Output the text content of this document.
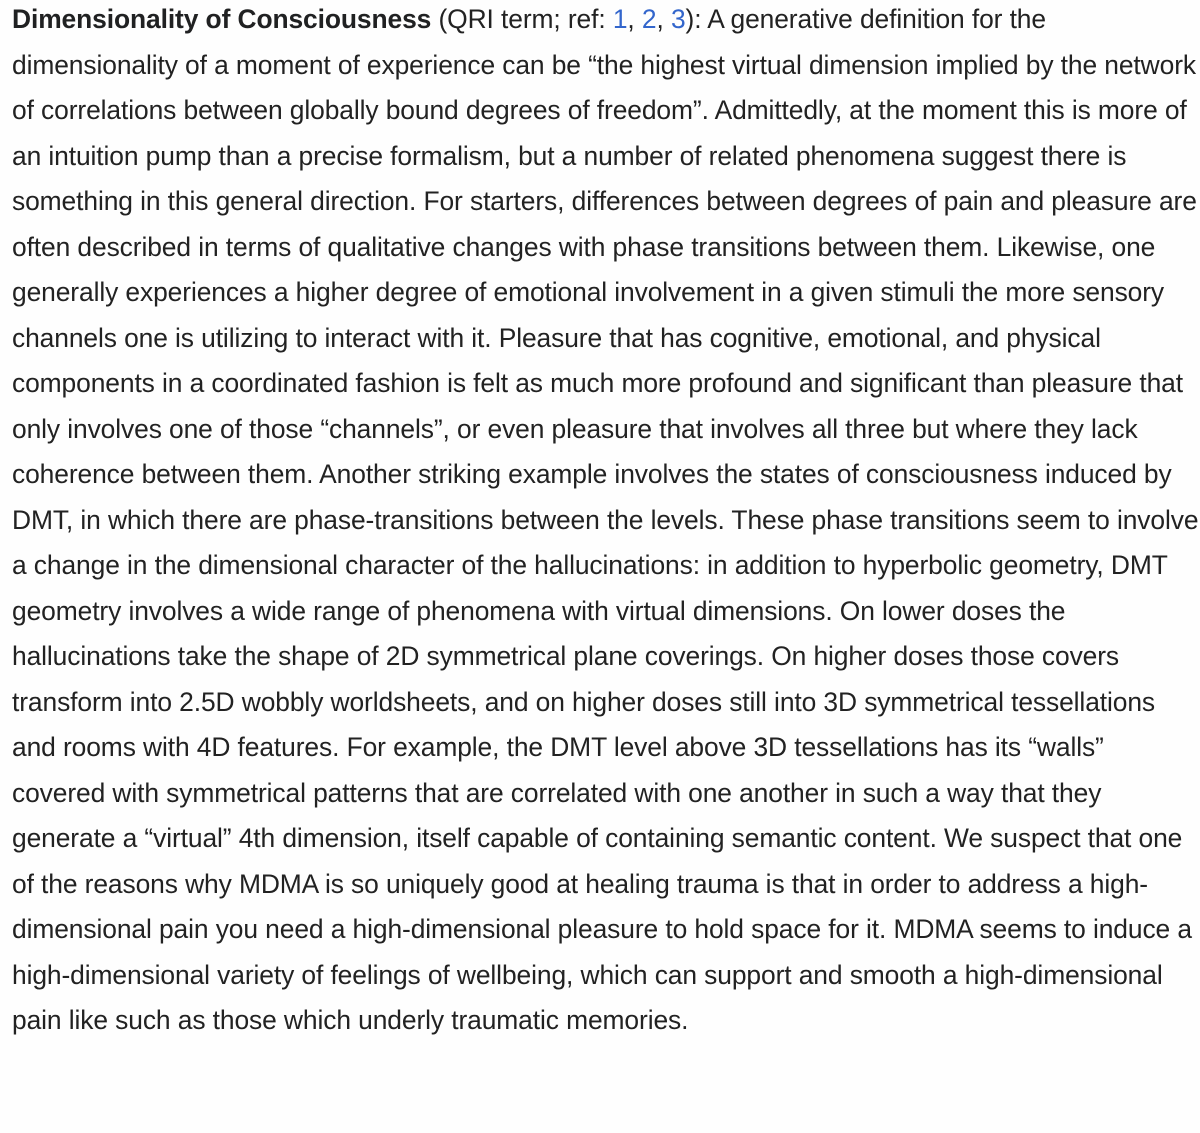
Dimensionality of Consciousness (QRI term; ref: 1, 2, 3): A generative definition for the dimensionality of a moment of experience can be “the highest virtual dimension implied by the network of correlations between globally bound degrees of freedom”. Admittedly, at the moment this is more of an intuition pump than a precise formalism, but a number of related phenomena suggest there is something in this general direction. For starters, differences between degrees of pain and pleasure are often described in terms of qualitative changes with phase transitions between them. Likewise, one generally experiences a higher degree of emotional involvement in a given stimuli the more sensory channels one is utilizing to interact with it. Pleasure that has cognitive, emotional, and physical components in a coordinated fashion is felt as much more profound and significant than pleasure that only involves one of those “channels”, or even pleasure that involves all three but where they lack coherence between them. Another striking example involves the states of consciousness induced by DMT, in which there are phase-transitions between the levels. These phase transitions seem to involve a change in the dimensional character of the hallucinations: in addition to hyperbolic geometry, DMT geometry involves a wide range of phenomena with virtual dimensions. On lower doses the hallucinations take the shape of 2D symmetrical plane coverings. On higher doses those covers transform into 2.5D wobbly worldsheets, and on higher doses still into 3D symmetrical tessellations and rooms with 4D features. For example, the DMT level above 3D tessellations has its “walls” covered with symmetrical patterns that are correlated with one another in such a way that they generate a “virtual” 4th dimension, itself capable of containing semantic content. We suspect that one of the reasons why MDMA is so uniquely good at healing trauma is that in order to address a high-dimensional pain you need a high-dimensional pleasure to hold space for it. MDMA seems to induce a high-dimensional variety of feelings of wellbeing, which can support and smooth a high-dimensional pain like such as those which underly traumatic memories.
